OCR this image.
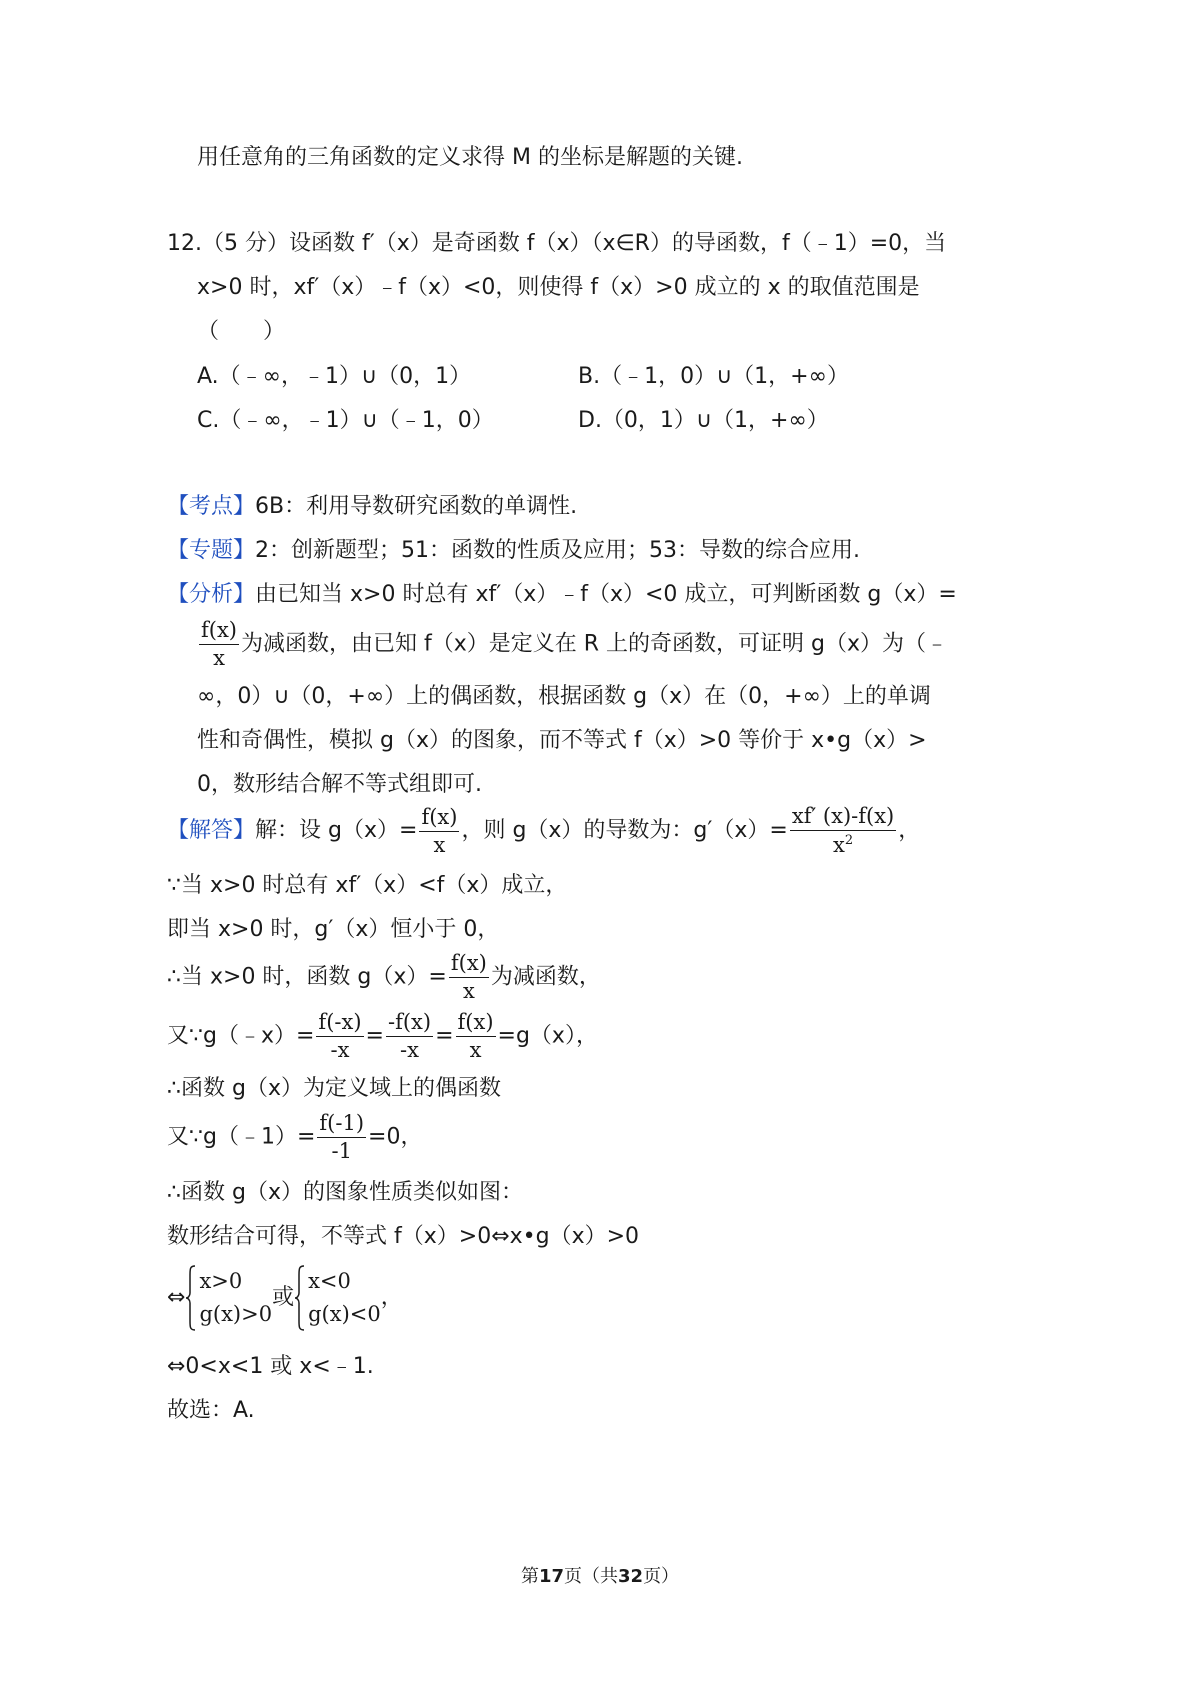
用任意角的三角函数的定义求得 M 的坐标是解题的关键.
12.（5 分）设函数 f′（x）是奇函数 f（x）（x∈R）的导函数，f（﹣1）=0，当
x>0 时，xf′（x）﹣f（x）<0，则使得 f（x）>0 成立的 x 的取值范围是
（　　）
A.（﹣∞，﹣1）∪（0，1）	B.（﹣1，0）∪（1，+∞）
C.（﹣∞，﹣1）∪（﹣1，0）	D.（0，1）∪（1，+∞）
【考点】6B：利用导数研究函数的单调性.
【专题】2：创新题型；51：函数的性质及应用；53：导数的综合应用.
【分析】由已知当 x>0 时总有 xf′（x）﹣f（x）<0 成立，可判断函数 g（x）=
$\frac{f(x)}{x}$ 为减函数，由已知 f（x）是定义在 R 上的奇函数，可证明 g（x）为（﹣
∞，0）∪（0，+∞）上的偶函数，根据函数 g（x）在（0，+∞）上的单调
性和奇偶性，模拟 g（x）的图象，而不等式 f（x）>0 等价于 x•g（x）>
0，数形结合解不等式组即可.
【解答】解：设 $g(x)= \frac{f(x)}{x}$ ，则 g（x）的导数为：$g'(x)= \frac{xf' (x)-f(x)}{x^2}$ ，
∵当 x>0 时总有 xf′（x）<f（x）成立，
即当 x>0 时，g′（x）恒小于 0，
∴当 x>0 时，函数 $g(x)= \frac{f(x)}{x}$ 为减函数，
又∵g（﹣x）= $\frac{f(-x)}{-x} = \frac{-f(x)}{-x} = \frac{f(x)}{x} =g(x)$，
∴函数 g（x）为定义域上的偶函数
又∵g（﹣1）= $\frac{f(-1)}{-1} =0$，
∴函数 g（x）的图象性质类似如图：
数形结合可得，不等式 f（x）>0⇔x•g（x）>0
⇔
x>0
g(x)>0
或
x<0
g(x)<0
，
⇔0<x<1 或 x<﹣1.
故选：A.
第17页（共32页）
